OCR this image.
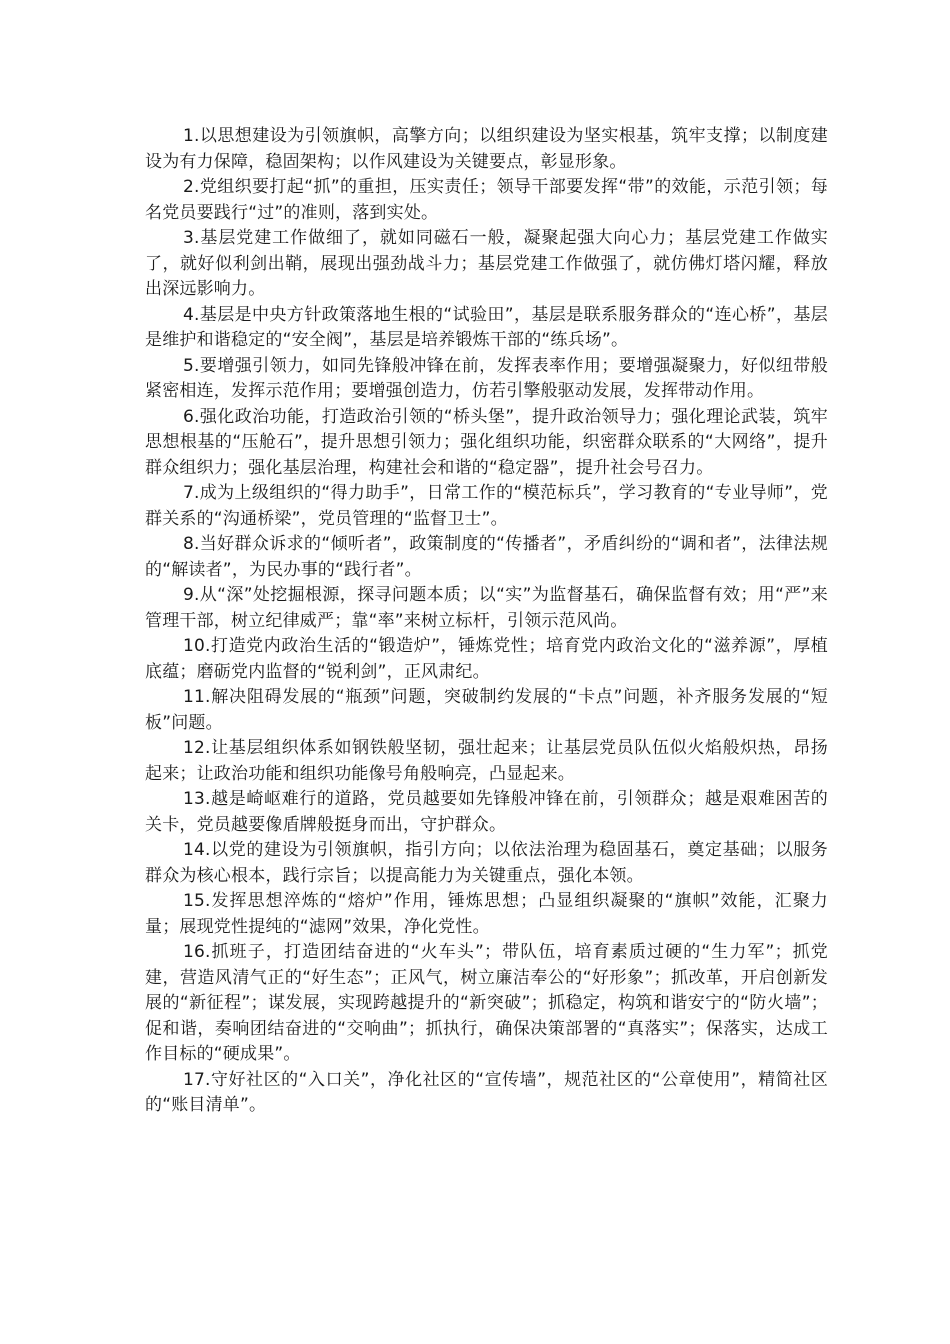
1.以思想建设为引领旗帜，高擎方向；以组织建设为坚实根基，筑牢支撑；以制度建设为有力保障，稳固架构；以作风建设为关键要点，彰显形象。

2.党组织要打起“抓”的重担，压实责任；领导干部要发挥“带”的效能，示范引领；每名党员要践行“过”的准则，落到实处。

3.基层党建工作做细了，就如同磁石一般，凝聚起强大向心力；基层党建工作做实了，就好似利剑出鞘，展现出强劲战斗力；基层党建工作做强了，就仿佛灯塔闪耀，释放出深远影响力。

4.基层是中央方针政策落地生根的“试验田”，基层是联系服务群众的“连心桥”，基层是维护和谐稳定的“安全阀”，基层是培养锻炼干部的“练兵场”。

5.要增强引领力，如同先锋般冲锋在前，发挥表率作用；要增强凝聚力，好似纽带般紧密相连，发挥示范作用；要增强创造力，仿若引擎般驱动发展，发挥带动作用。

6.强化政治功能，打造政治引领的“桥头堡”，提升政治领导力；强化理论武装，筑牢思想根基的“压舱石”，提升思想引领力；强化组织功能，织密群众联系的“大网络”，提升群众组织力；强化基层治理，构建社会和谐的“稳定器”，提升社会号召力。

7.成为上级组织的“得力助手”，日常工作的“模范标兵”，学习教育的“专业导师”，党群关系的“沟通桥梁”，党员管理的“监督卫士”。

8.当好群众诉求的“倾听者”，政策制度的“传播者”，矛盾纠纷的“调和者”，法律法规的“解读者”，为民办事的“践行者”。

9.从“深”处挖掘根源，探寻问题本质；以“实”为监督基石，确保监督有效；用“严”来管理干部，树立纪律威严；靠“率”来树立标杆，引领示范风尚。

10.打造党内政治生活的“锻造炉”，锤炼党性；培育党内政治文化的“滋养源”，厚植底蕴；磨砺党内监督的“锐利剑”，正风肃纪。

11.解决阻碍发展的“瓶颈”问题，突破制约发展的“卡点”问题，补齐服务发展的“短板”问题。

12.让基层组织体系如钢铁般坚韧，强壮起来；让基层党员队伍似火焰般炽热，昂扬起来；让政治功能和组织功能像号角般响亮，凸显起来。

13.越是崎岖难行的道路，党员越要如先锋般冲锋在前，引领群众；越是艰难困苦的关卡，党员越要像盾牌般挺身而出，守护群众。

14.以党的建设为引领旗帜，指引方向；以依法治理为稳固基石，奠定基础；以服务群众为核心根本，践行宗旨；以提高能力为关键重点，强化本领。

15.发挥思想淬炼的“熔炉”作用，锤炼思想；凸显组织凝聚的“旗帜”效能，汇聚力量；展现党性提纯的“滤网”效果，净化党性。

16.抓班子，打造团结奋进的“火车头”；带队伍，培育素质过硬的“生力军”；抓党建，营造风清气正的“好生态”；正风气，树立廉洁奉公的“好形象”；抓改革，开启创新发展的“新征程”；谋发展，实现跨越提升的“新突破”；抓稳定，构筑和谐安宁的“防火墙”；促和谐，奏响团结奋进的“交响曲”；抓执行，确保决策部署的“真落实”；保落实，达成工作目标的“硬成果”。

17.守好社区的“入口关”，净化社区的“宣传墙”，规范社区的“公章使用”，精简社区的“账目清单”。
